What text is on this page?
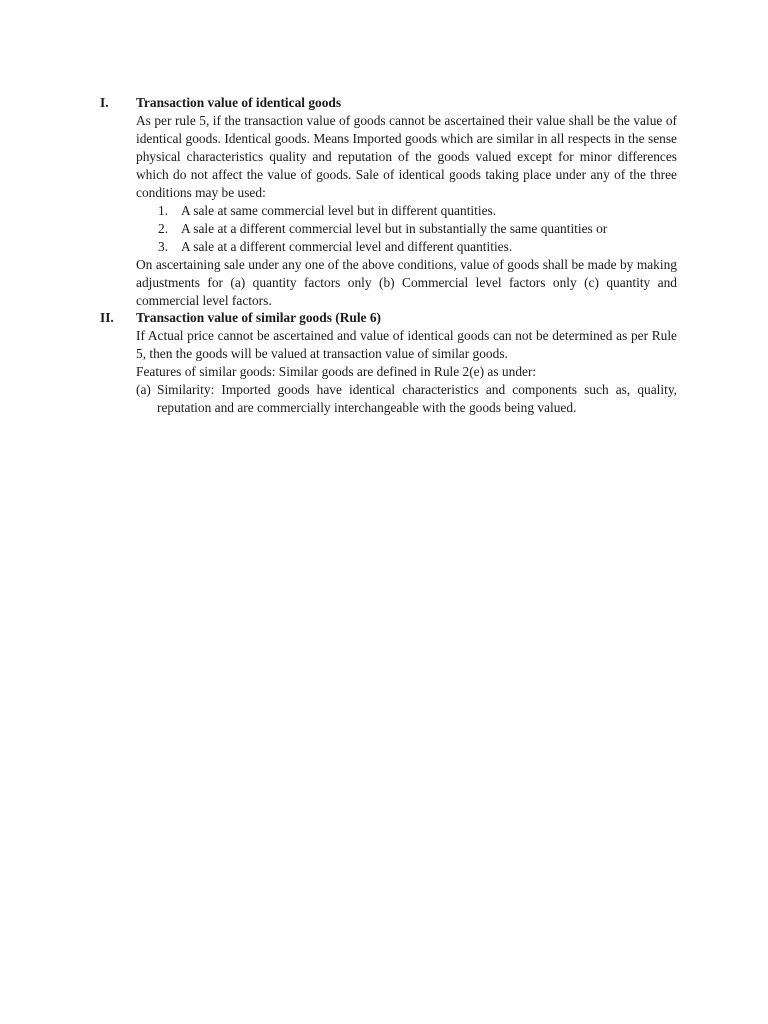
I. Transaction value of identical goods

As per rule 5, if the transaction value of goods cannot be ascertained their value shall be the value of identical goods. Identical goods. Means Imported goods which are similar in all respects in the sense physical characteristics quality and reputation of the goods valued except for minor differences which do not affect the value of goods. Sale of identical goods taking place under any of the three conditions may be used:

1. A sale at same commercial level but in different quantities.
2. A sale at a different commercial level but in substantially the same quantities or
3. A sale at a different commercial level and different quantities.

On ascertaining sale under any one of the above conditions, value of goods shall be made by making adjustments for (a) quantity factors only (b) Commercial level factors only (c) quantity and commercial level factors.

II. Transaction value of similar goods (Rule 6)

If Actual price cannot be ascertained and value of identical goods can not be determined as per Rule 5, then the goods will be valued at transaction value of similar goods.

Features of similar goods: Similar goods are defined in Rule 2(e) as under:

(a) Similarity: Imported goods have identical characteristics and components such as, quality, reputation and are commercially interchangeable with the goods being valued.
